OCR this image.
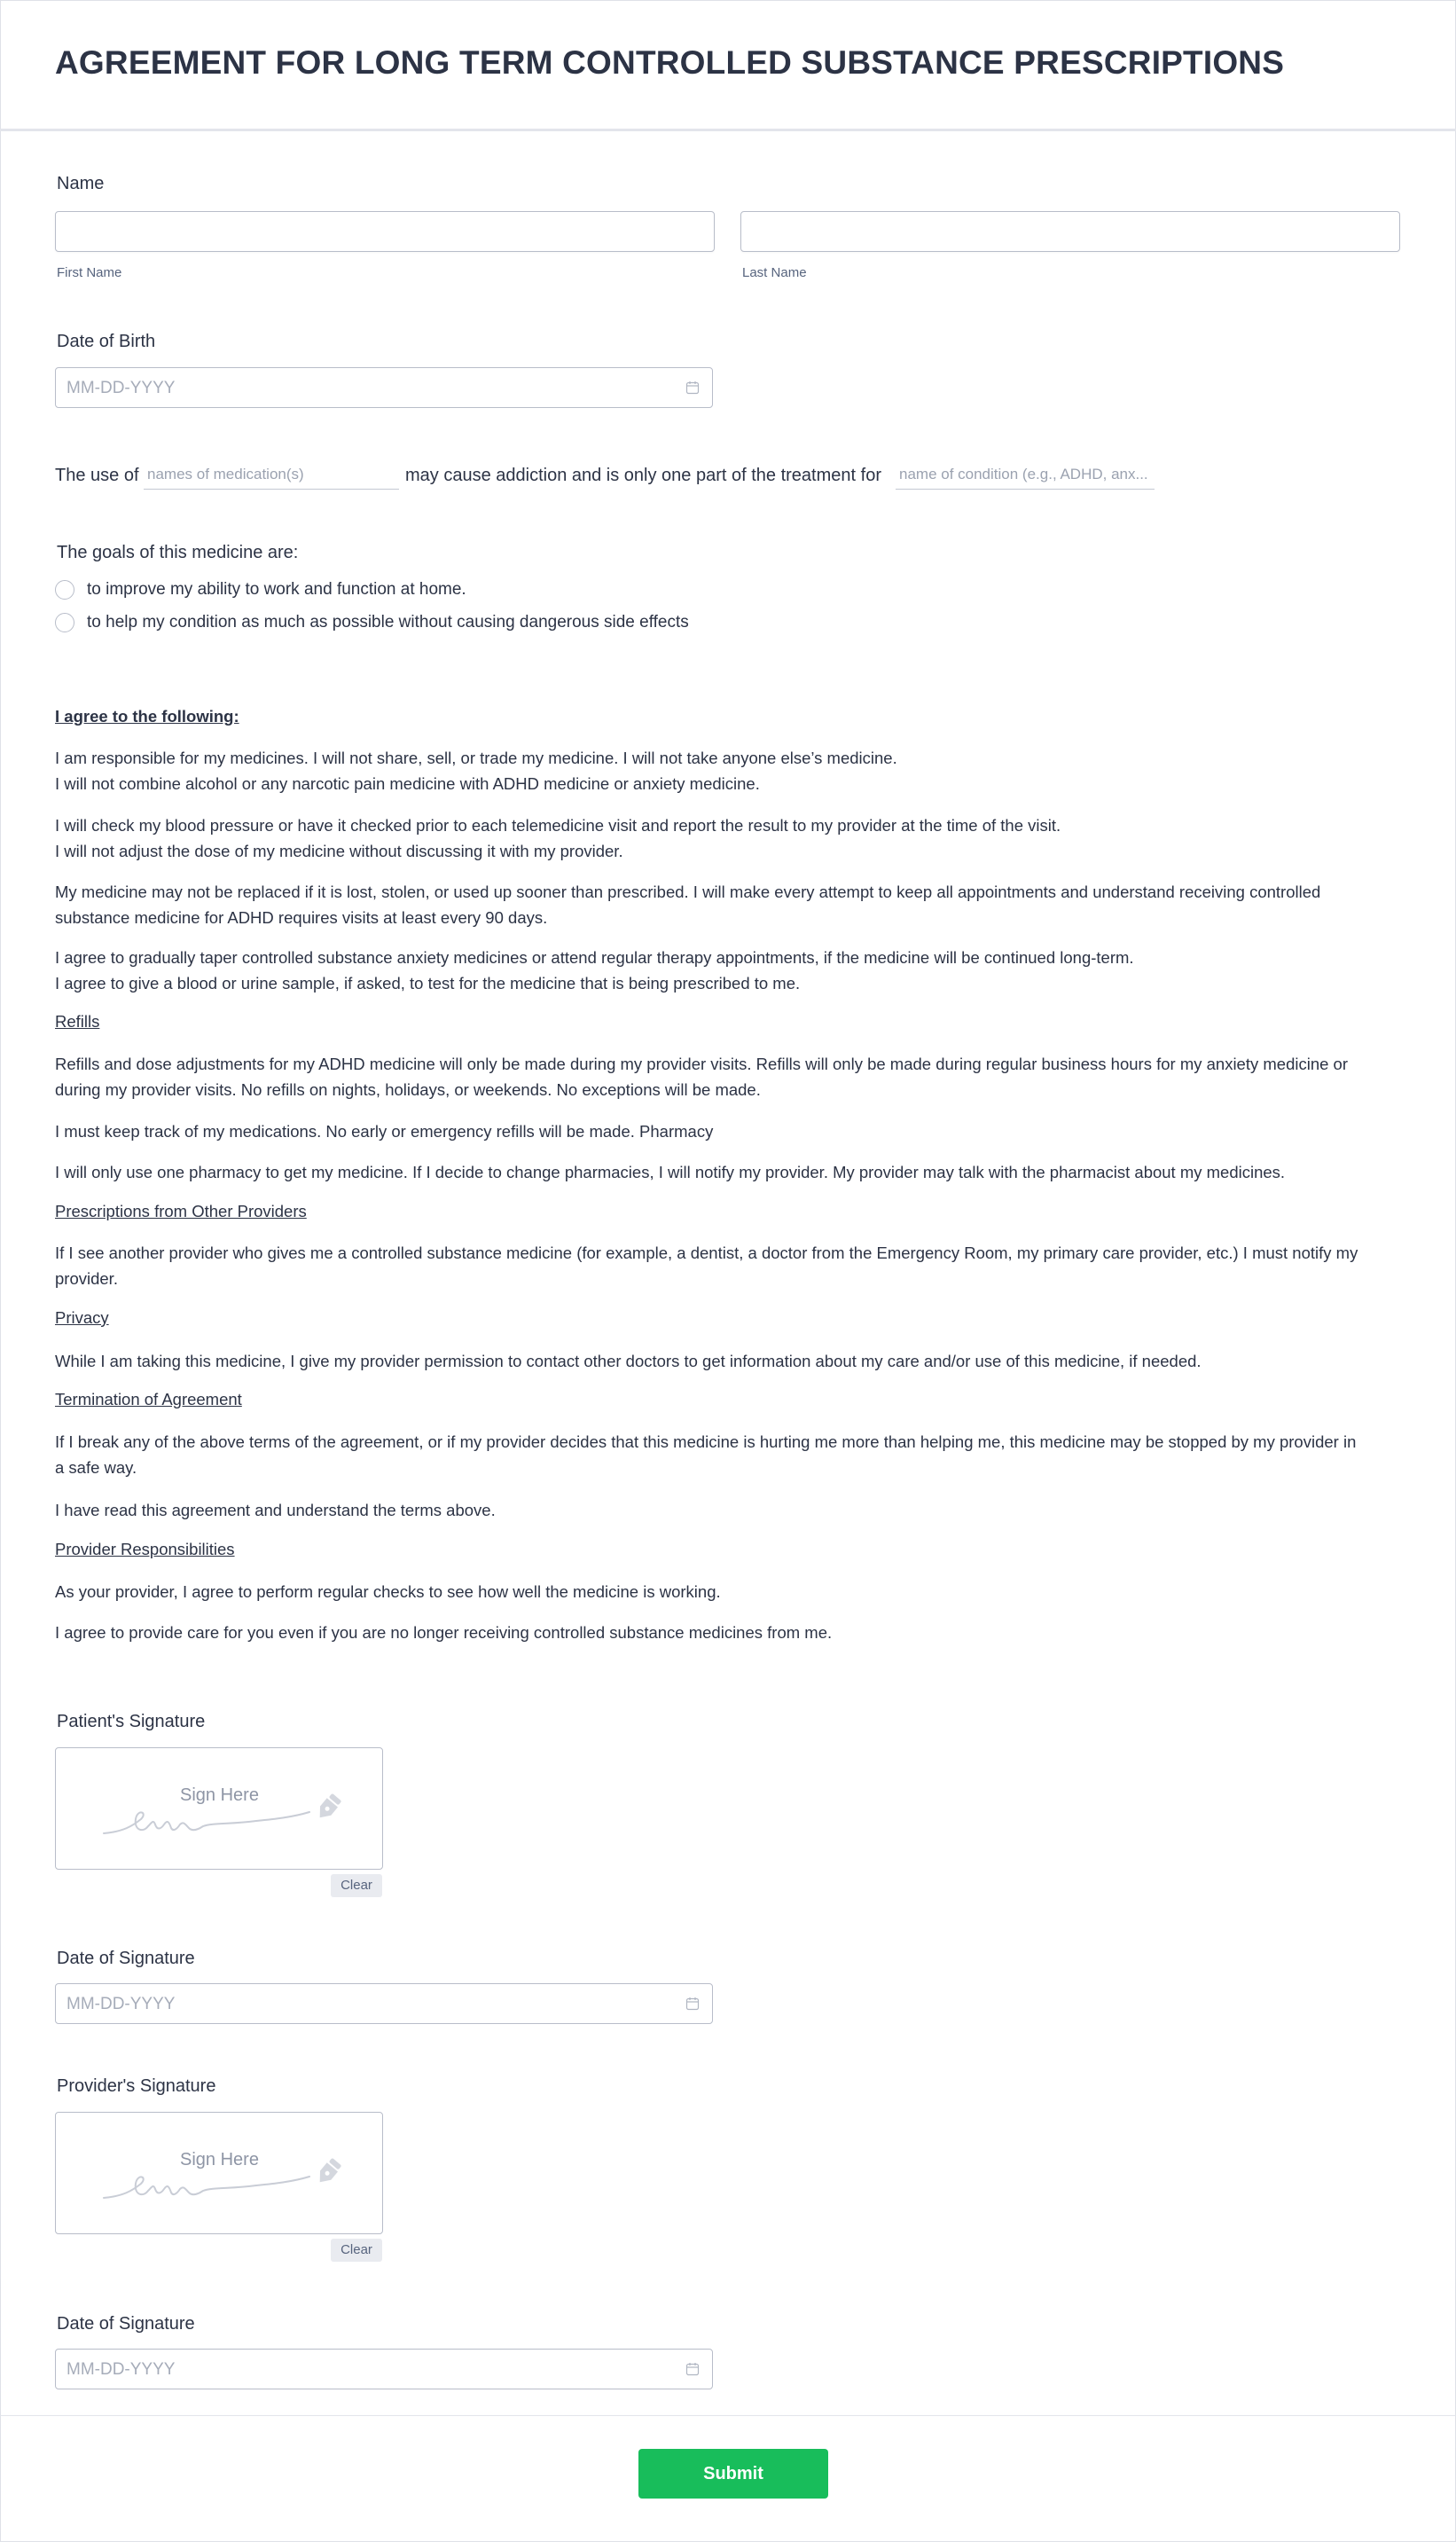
AGREEMENT FOR LONG TERM CONTROLLED SUBSTANCE PRESCRIPTIONS
Name
First Name	Last Name
Date of Birth
MM-DD-YYYY
The use of names of medication(s)	may cause addiction and is only one part of the treatment for name of condition (e.g., ADHD, anx...
The goals of this medicine are:
to improve my ability to work and function at home.
to help my condition as much as possible without causing dangerous side effects
I agree to the following:
I am responsible for my medicines. I will not share, sell, or trade my medicine. I will not take anyone else’s medicine.
I will not combine alcohol or any narcotic pain medicine with ADHD medicine or anxiety medicine.
I will check my blood pressure or have it checked prior to each telemedicine visit and report the result to my provider at the time of the visit.
I will not adjust the dose of my medicine without discussing it with my provider.
My medicine may not be replaced if it is lost, stolen, or used up sooner than prescribed. I will make every attempt to keep all appointments and understand receiving controlled
substance medicine for ADHD requires visits at least every 90 days.
I agree to gradually taper controlled substance anxiety medicines or attend regular therapy appointments, if the medicine will be continued long-term.
I agree to give a blood or urine sample, if asked, to test for the medicine that is being prescribed to me.
Refills
Refills and dose adjustments for my ADHD medicine will only be made during my provider visits. Refills will only be made during regular business hours for my anxiety medicine or
during my provider visits. No refills on nights, holidays, or weekends. No exceptions will be made.
I must keep track of my medications. No early or emergency refills will be made. Pharmacy
I will only use one pharmacy to get my medicine. If I decide to change pharmacies, I will notify my provider. My provider may talk with the pharmacist about my medicines.
Prescriptions from Other Providers
If I see another provider who gives me a controlled substance medicine (for example, a dentist, a doctor from the Emergency Room, my primary care provider, etc.) I must notify my
provider.
Privacy
While I am taking this medicine, I give my provider permission to contact other doctors to get information about my care and/or use of this medicine, if needed.
Termination of Agreement
If I break any of the above terms of the agreement, or if my provider decides that this medicine is hurting me more than helping me, this medicine may be stopped by my provider in
a safe way.
I have read this agreement and understand the terms above.
Provider Responsibilities
As your provider, I agree to perform regular checks to see how well the medicine is working.
I agree to provide care for you even if you are no longer receiving controlled substance medicines from me.
Patient's Signature
Sign Here
Clear
Date of Signature
MM-DD-YYYY
Provider's Signature
Sign Here
Clear
Date of Signature
MM-DD-YYYY
Submit
